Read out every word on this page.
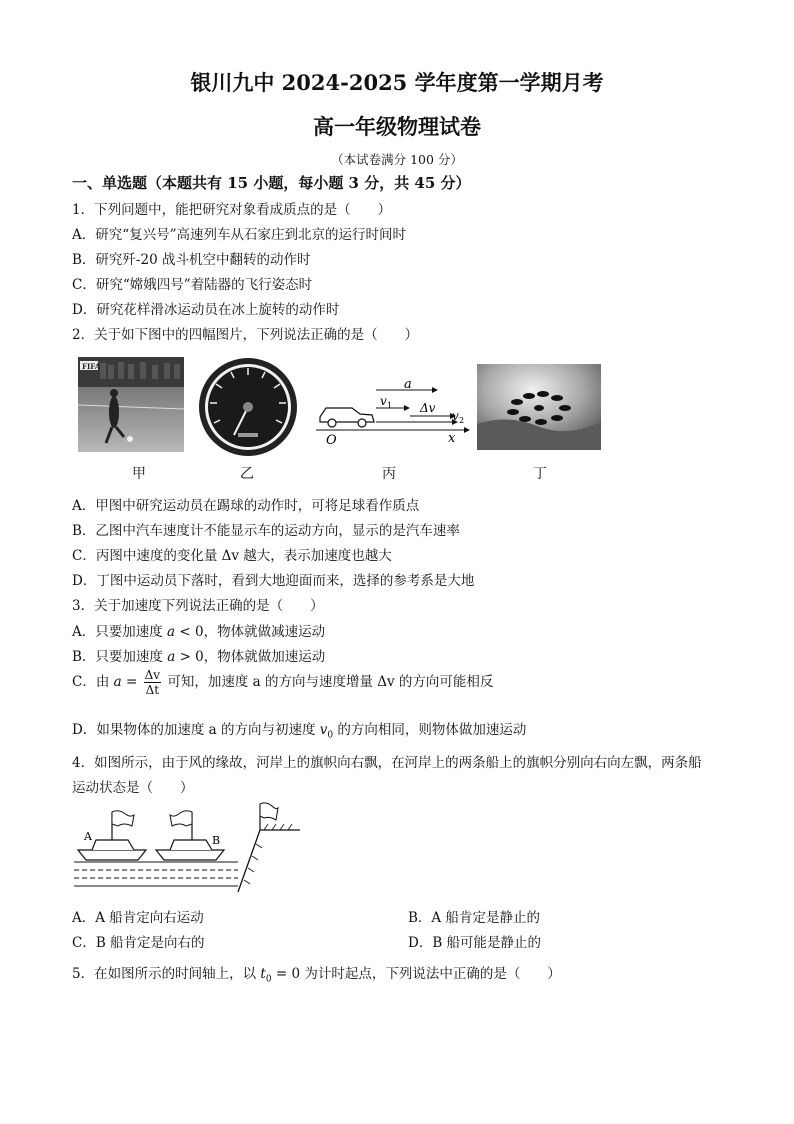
银川九中 2024-2025 学年度第一学期月考
高一年级物理试卷
（本试卷满分 100 分）
一、单选题（本题共有 15 小题，每小题 3 分，共 45 分）
1．下列问题中，能把研究对象看成质点的是（　　）
A．研究“复兴号”高速列车从石家庄到北京的运行时间时
B．研究歼-20 战斗机空中翻转的动作时
C．研究“嫦娥四号”着陆器的飞行姿态时
D．研究花样滑冰运动员在冰上旋转的动作时
2．关于如下图中的四幅图片，下列说法正确的是（　　）
FIFA
a
v 1 Δv
v 2
O	x
甲	乙	丙	丁
A．甲图中研究运动员在踢球的动作时，可将足球看作质点
B．乙图中汽车速度计不能显示车的运动方向，显示的是汽车速率
C．丙图中速度的变化量 Δv 越大，表示加速度也越大
D．丁图中运动员下落时，看到大地迎面而来，选择的参考系是大地
3．关于加速度下列说法正确的是（　　）
A．只要加速度 a < 0，物体就做减速运动
B．只要加速度 a > 0，物体就做加速运动
C．由 $a = \frac{\Delta v}{\Delta t}$ 可知，加速度 a 的方向与速度增量 Δv 的方向可能相反
D．如果物体的加速度 a 的方向与初速度 $v_0$ 的方向相同，则物体做加速运动
4．如图所示，由于风的缘故，河岸上的旗帜向右飘，在河岸上的两条船上的旗帜分别向右向左飘，两条船
运动状态是（　　）
A	B
A．A 船肯定向右运动	B．A 船肯定是静止的
C．B 船肯定是向右的	D．B 船可能是静止的
5．在如图所示的时间轴上，以 $t_0 = 0$ 为计时起点，下列说法中正确的是（　　）
